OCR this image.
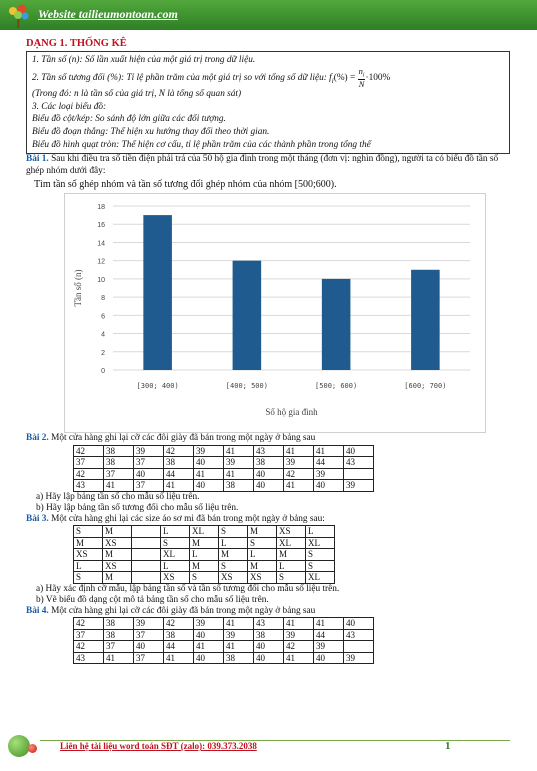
Website tailieumontoan.com
DẠNG 1. THỐNG KÊ
1. Tần số (n): Số lần xuất hiện của một giá trị trong dữ liệu.
2. Tần số tương đối (%): Tỉ lệ phần trăm của một giá trị so với tổng số dữ liệu: $f_i(\%) = \frac{n_i}{N} \cdot 100\%$
(Trong đó: n là tần số của giá trị, N là tổng số quan sát)
3. Các loại biểu đồ:
Biểu đồ cột/kép: So sánh độ lớn giữa các đối tượng.
Biểu đồ đoạn thẳng: Thể hiện xu hướng thay đổi theo thời gian.
Biểu đồ hình quạt tròn: Thể hiện cơ cấu, tỉ lệ phần trăm của các thành phần trong tổng thể
Bài 1. Sau khi điều tra số tiền điện phải trả của 50 hộ gia đình trong một tháng (đơn vị: nghìn đồng), người ta có biểu đồ tần số ghép nhóm dưới đây:
Tìm tần số ghép nhóm và tần số tương đối ghép nhóm của nhóm [500;600).
0
2
4
6
8
10
12
14
16
18
[300; 400)	[400; 500)	[500; 600)	[600; 700)
Tần số (n)
Số hộ gia đình
Bài 2. Một cửa hàng ghi lại cỡ các đôi giày đã bán trong một ngày ở bảng sau
42	38	39	42	39	41	43	41	41	40
37	38	37	38	40	39	38	39	44	43
42	37	40	44	41	41	40	42	39	
43	41	37	41	40	38	40	41	40	39
a) Hãy lập bảng tần số cho mẫu số liệu trên.
b) Hãy lập bảng tần số tương đối cho mẫu số liệu trên.
Bài 3. Một cửa hàng ghi lại các size áo sơ mi đã bán trong một ngày ở bảng sau:
S	M		L	XL	S	M	XS	L
M	XS		S	M	L	S	XL	XL
XS	M		XL	L	M	L	M	S
L	XS		L	M	S	M	L	S
S	M		XS	S	XS	XS	S	XL
a) Hãy xác định cỡ mẫu, lập bảng tần số và tần số tương đối cho mẫu số liệu trên.
b) Vẽ biểu đồ dạng cột mô tả bảng tần số cho mẫu số liệu trên.
Bài 4. Một cửa hàng ghi lại cỡ các đôi giày đã bán trong một ngày ở bảng sau
42	38	39	42	39	41	43	41	41	40
37	38	37	38	40	39	38	39	44	43
42	37	40	44	41	41	40	42	39	
43	41	37	41	40	38	40	41	40	39
Liên hệ tài liệu word toán SĐT (zalo): 039.373.2038	1
